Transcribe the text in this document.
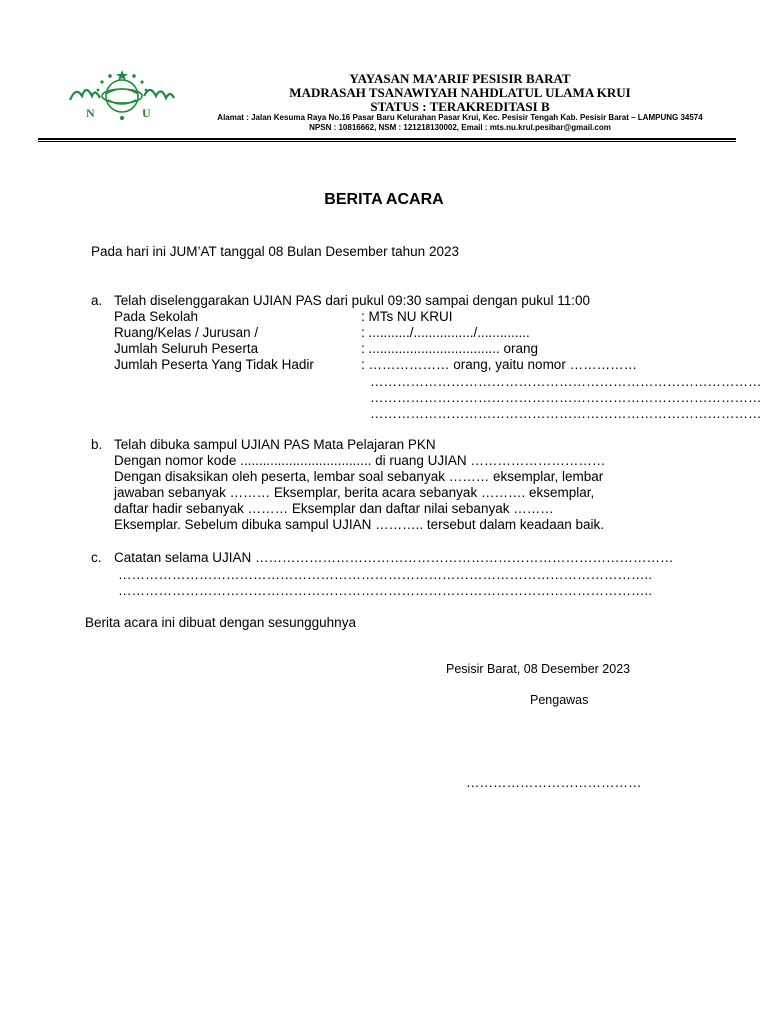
N	U
YAYASAN MA’ARIF PESISIR BARAT
MADRASAH TSANAWIYAH NAHDLATUL ULAMA KRUI
STATUS : TERAKREDITASI B
Alamat : Jalan Kesuma Raya No.16 Pasar Baru Kelurahan Pasar Krui, Kec. Pesisir Tengah Kab. Pesisir Barat – LAMPUNG 34574
NPSN : 10816662, NSM : 121218130002, Email : mts.nu.krul.pesibar@gmail.com
BERITA ACARA
Pada hari ini JUM’AT tanggal 08 Bulan Desember tahun 2023
a. Telah diselenggarakan UJIAN PAS dari pukul 09:30 sampai dengan pukul 11:00
Pada Sekolah	: MTs NU KRUI
Ruang/Kelas / Jurusan /	: .........../................/..............
Jumlah Seluruh Peserta	: ................................... orang
Jumlah Peserta Yang Tidak Hadir	: ……………… orang, yaitu nomor ……………
……………………………………………………………………………
……………………………………………………………………………
……………………………………………………………………………
b. Telah dibuka sampul UJIAN PAS Mata Pelajaran PKN
Dengan nomor kode ................................... di ruang UJIAN …………………………
Dengan disaksikan oleh peserta, lembar soal sebanyak ……… eksemplar, lembar
jawaban sebanyak ……… Eksemplar, berita acara sebanyak ………. eksemplar,
daftar hadir sebanyak ……… Eksemplar dan daftar nilai sebanyak ………
Eksemplar. Sebelum dibuka sampul UJIAN ……….. tersebut dalam keadaan baik.
c. Catatan selama UJIAN …………………………………………………………………………………
………………………………………………………………………………………………………..
………………………………………………………………………………………………………..
Berita acara ini dibuat dengan sesungguhnya
Pesisir Barat, 08 Desember 2023
Pengawas
…………………………………
